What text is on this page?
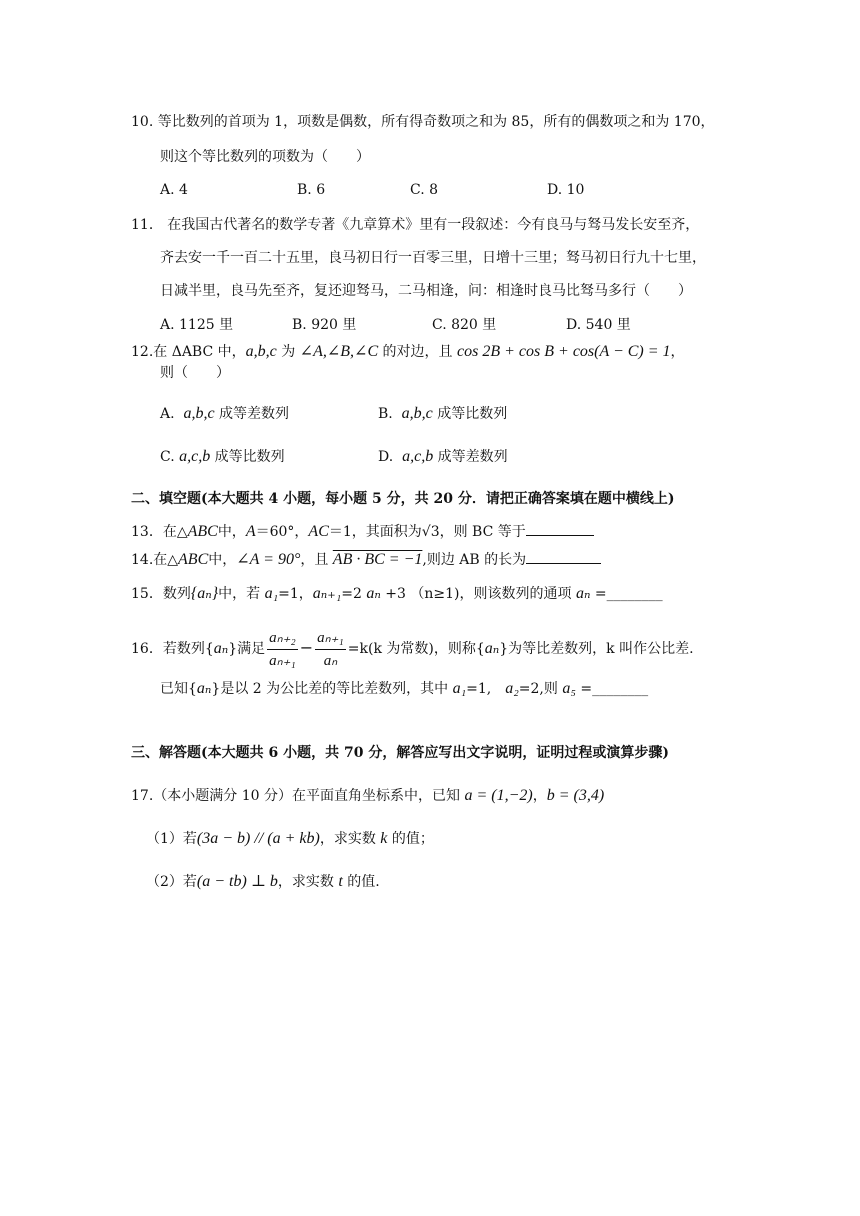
10. 等比数列的首项为 1，项数是偶数，所有得奇数项之和为 85，所有的偶数项之和为 170，
则这个等比数列的项数为（　　）
A. 4	B. 6	C. 8	D. 10
11． 在我国古代著名的数学专著《九章算术》里有一段叙述：今有良马与驽马发长安至齐，
齐去安一千一百二十五里，良马初日行一百零三里，日增十三里；驽马初日行九十七里，
日减半里，良马先至齐，复还迎驽马，二马相逢，问：相逢时良马比驽马多行（　　）
A. 1125 里	B. 920 里	C. 820 里	D. 540 里
12.在 ΔABC 中，a,b,c 为 ∠A,∠B,∠C 的对边，且 cos 2B + cos B + cos(A − C) = 1，
则（　　）
A. a,b,c 成等差数列	B. a,b,c 成等比数列
C. a,c,b 成等比数列	D. a,c,b 成等差数列
二、填空题(本大题共 4 小题，每小题 5 分，共 20 分．请把正确答案填在题中横线上)
13．在△ABC中，A＝60°，AC＝1，其面积为√3，则 BC 等于
14.在△ABC中，∠A = 90°，且 AB · BC = −1,则边 AB 的长为
15．数列{aₙ}中，若 a₁=1，aₙ₊₁=2 aₙ +3 （n≥1)，则该数列的通项 aₙ =________
16．若数列{aₙ}满足 $\frac{\text{aₙ₊₂}}{\text{aₙ₊₁}} - \frac{\text{aₙ₊₁}}{\text{aₙ}} =k(k$ 为常数)，则称{aₙ}为等比差数列，k 叫作公比差.
已知{aₙ}是以 2 为公比差的等比差数列，其中 a₁=1,　a₂=2,则 a₅ =________
三、解答题(本大题共 6 小题，共 70 分，解答应写出文字说明，证明过程或演算步骤)
17.（本小题满分 10 分）在平面直角坐标系中，已知 a = (1,−2)，b = (3,4)
（1）若(3a − b) // (a + kb)，求实数 k 的值；
（2）若(a − tb) ⊥ b，求实数 t 的值.
